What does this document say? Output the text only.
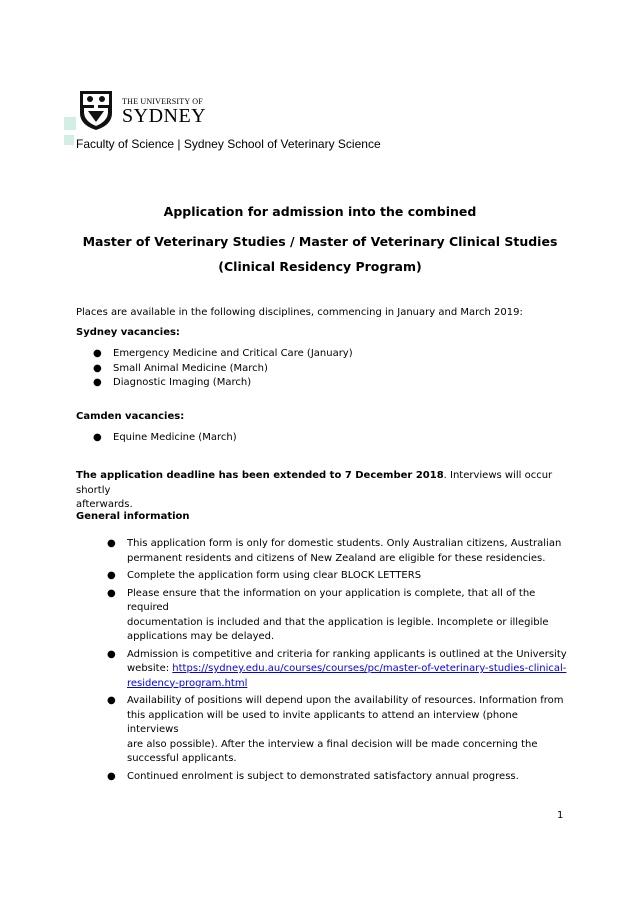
THE UNIVERSITY OF
SYDNEY
Faculty of Science | Sydney School of Veterinary Science
Application for admission into the combined
Master of Veterinary Studies / Master of Veterinary Clinical Studies
(Clinical Residency Program)
Places are available in the following disciplines, commencing in January and March 2019:
Sydney vacancies:
● Emergency Medicine and Critical Care (January)
● Small Animal Medicine (March)
● Diagnostic Imaging (March)
Camden vacancies:
● Equine Medicine (March)
The application deadline has been extended to 7 December 2018. Interviews will occur shortly
afterwards.
General information
● This application form is only for domestic students. Only Australian citizens, Australian
permanent residents and citizens of New Zealand are eligible for these residencies.
● Complete the application form using clear BLOCK LETTERS
● Please ensure that the information on your application is complete, that all of the required
documentation is included and that the application is legible. Incomplete or illegible
applications may be delayed.
● Admission is competitive and criteria for ranking applicants is outlined at the University
website: https://sydney.edu.au/courses/courses/pc/master-of-veterinary-studies-clinical-
residency-program.html
● Availability of positions will depend upon the availability of resources. Information from
this application will be used to invite applicants to attend an interview (phone interviews
are also possible). After the interview a final decision will be made concerning the
successful applicants.
● Continued enrolment is subject to demonstrated satisfactory annual progress.
1
